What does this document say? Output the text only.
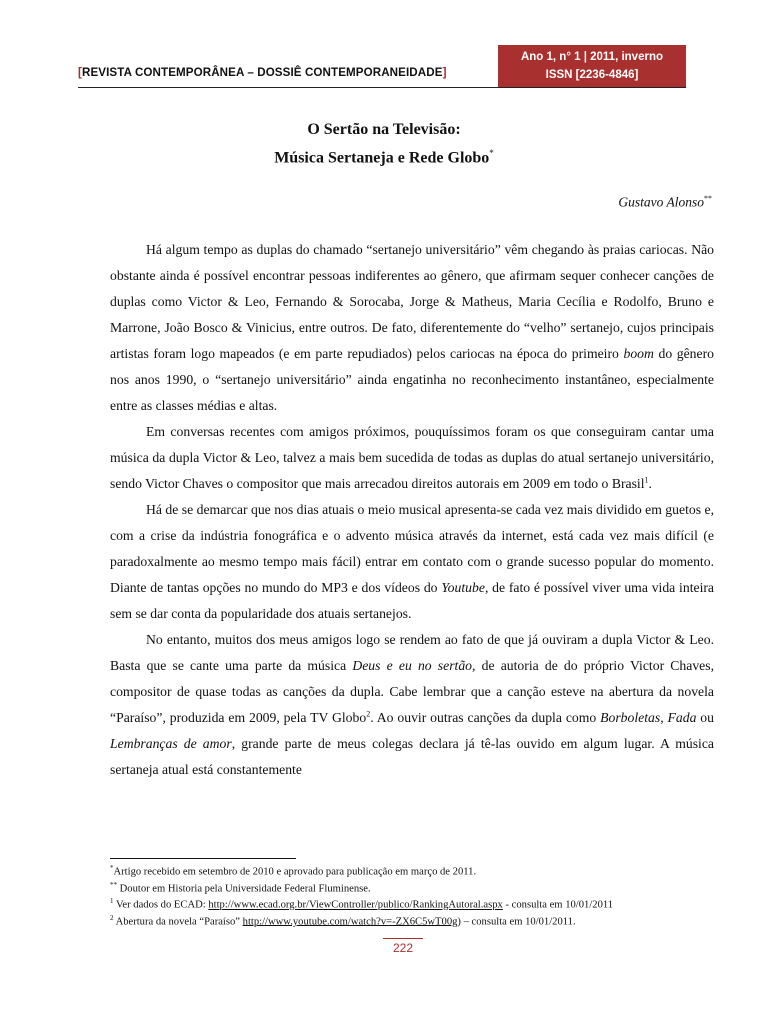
[REVISTA CONTEMPORÂNEA – DOSSIÊ CONTEMPORANEIDADE]
Ano 1, n° 1 | 2011, inverno
ISSN [2236-4846]
O Sertão na Televisão:
Música Sertaneja e Rede Globo*
Gustavo Alonso**

Há algum tempo as duplas do chamado “sertanejo universitário” vêm chegando às praias cariocas. Não obstante ainda é possível encontrar pessoas indiferentes ao gênero, que afirmam sequer conhecer canções de duplas como Victor & Leo, Fernando & Sorocaba, Jorge & Matheus, Maria Cecília e Rodolfo, Bruno e Marrone, João Bosco & Vinicius, entre outros. De fato, diferentemente do “velho” sertanejo, cujos principais artistas foram logo mapeados (e em parte repudiados) pelos cariocas na época do primeiro boom do gênero nos anos 1990, o “sertanejo universitário” ainda engatinha no reconhecimento instantâneo, especialmente entre as classes médias e altas.

Em conversas recentes com amigos próximos, pouquíssimos foram os que conseguiram cantar uma música da dupla Victor & Leo, talvez a mais bem sucedida de todas as duplas do atual sertanejo universitário, sendo Victor Chaves o compositor que mais arrecadou direitos autorais em 2009 em todo o Brasil$^1$.

Há de se demarcar que nos dias atuais o meio musical apresenta-se cada vez mais dividido em guetos e, com a crise da indústria fonográfica e o advento música através da internet, está cada vez mais difícil (e paradoxalmente ao mesmo tempo mais fácil) entrar em contato com o grande sucesso popular do momento. Diante de tantas opções no mundo do MP3 e dos vídeos do Youtube, de fato é possível viver uma vida inteira sem se dar conta da popularidade dos atuais sertanejos.

No entanto, muitos dos meus amigos logo se rendem ao fato de que já ouviram a dupla Victor & Leo. Basta que se cante uma parte da música Deus e eu no sertão, de autoria de do próprio Victor Chaves, compositor de quase todas as canções da dupla. Cabe lembrar que a canção esteve na abertura da novela “Paraíso”, produzida em 2009, pela TV Globo$^2$. Ao ouvir outras canções da dupla como Borboletas, Fada ou Lembranças de amor, grande parte de meus colegas declara já tê-las ouvido em algum lugar. A música sertaneja atual está constantemente

*Artigo recebido em setembro de 2010 e aprovado para publicação em março de 2011.
** Doutor em Historia pela Universidade Federal Fluminense.
$^1$ Ver dados do ECAD: http://www.ecad.org.br/ViewController/publico/RankingAutoral.aspx - consulta em 10/01/2011
$^2$ Abertura da novela “Paraíso” http://www.youtube.com/watch?v=-ZX6C5wT00g) – consulta em 10/01/2011.
222
